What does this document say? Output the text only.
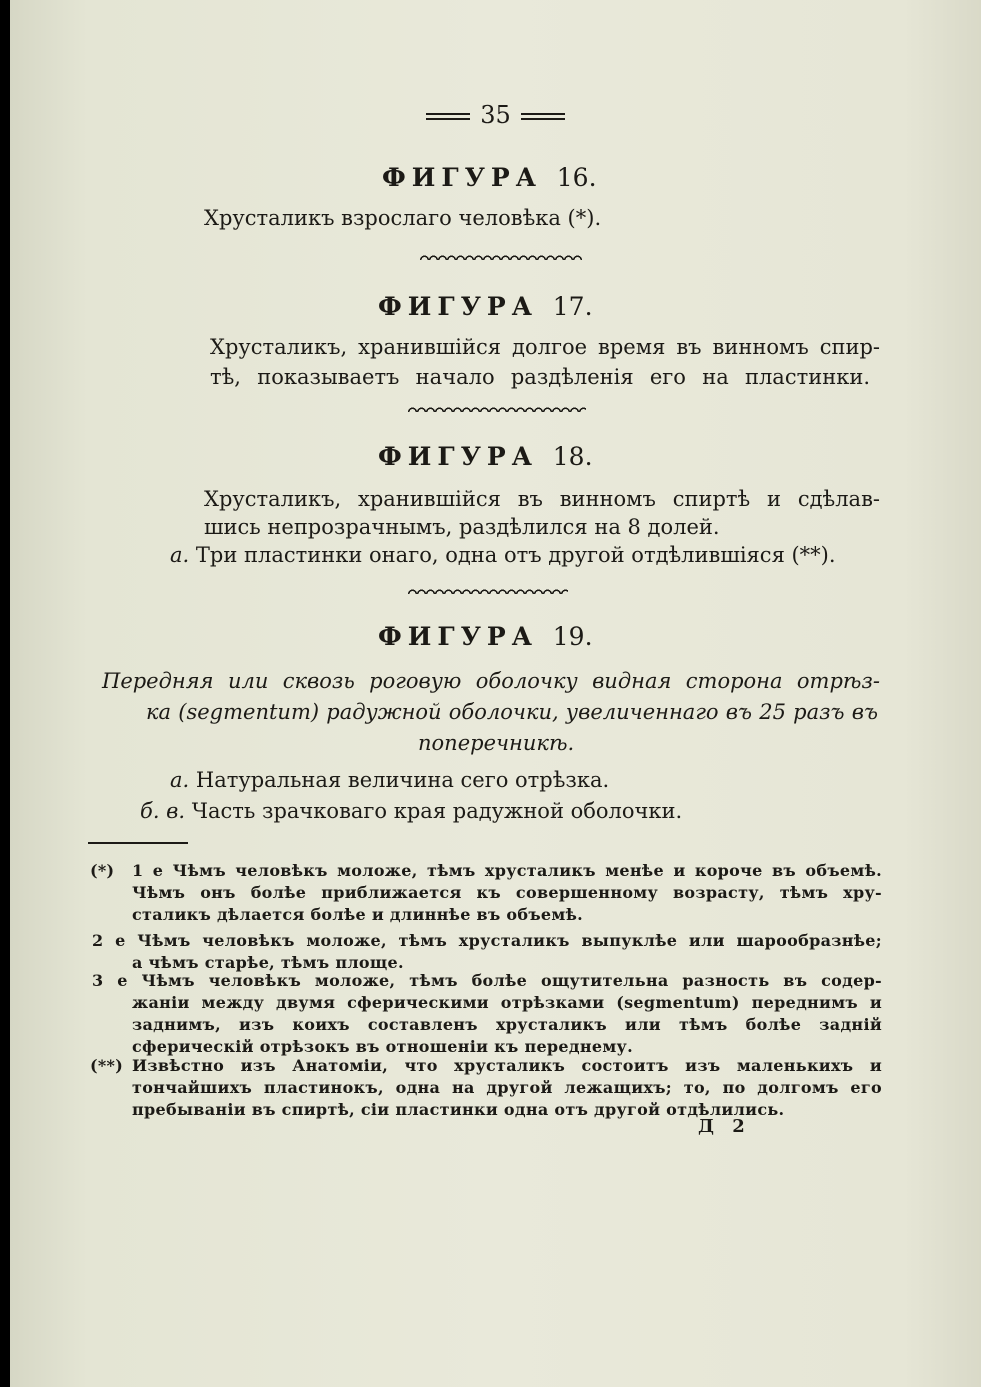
35
ФИГУРА 16.
Хрусталикъ взрослаго человѣка (*).
ФИГУРА 17.
Хрусталикъ, хранившійся долгое время въ винномъ спир-
тѣ, показываетъ начало раздѣленія его на пластинки.
ФИГУРА 18.
Хрусталикъ, хранившійся въ винномъ спиртѣ и сдѣлав-
шись непрозрачнымъ, раздѣлился на 8 долей.
а. Три пластинки онаго, одна отъ другой отдѣлившіяся (**).
ФИГУРА 19.
Передняя или сквозь роговую оболочку видная сторона отрѣз-
ка (segmentum) радужной оболочки, увеличеннаго въ 25 разъ въ
поперечникѣ.
а. Натуральная величина сего отрѣзка.
б. в. Часть зрачковаго края радужной оболочки.
(*) 1 е Чѣмъ человѣкъ моложе, тѣмъ хрусталикъ менѣе и короче въ объемѣ.
Чѣмъ онъ болѣе приближается къ совершенному возрасту, тѣмъ хру-
сталикъ дѣлается болѣе и длиннѣе въ объемѣ.
2 е Чѣмъ человѣкъ моложе, тѣмъ хрусталикъ выпуклѣе или шарообразнѣе;
а чѣмъ старѣе, тѣмъ площе.
3 е Чѣмъ человѣкъ моложе, тѣмъ болѣе ощутительна разность въ содер-
жаніи между двумя сферическими отрѣзками (segmentum) переднимъ и
заднимъ, изъ коихъ составленъ хрусталикъ или тѣмъ болѣе задній
сферическій отрѣзокъ въ отношеніи къ переднему.
(**) Извѣстно изъ Анатоміи, что хрусталикъ состоитъ изъ маленькихъ и
тончайшихъ пластинокъ, одна на другой лежащихъ; то, по долгомъ его
пребываніи въ спиртѣ, сіи пластинки одна отъ другой отдѣлились.
Д 2
